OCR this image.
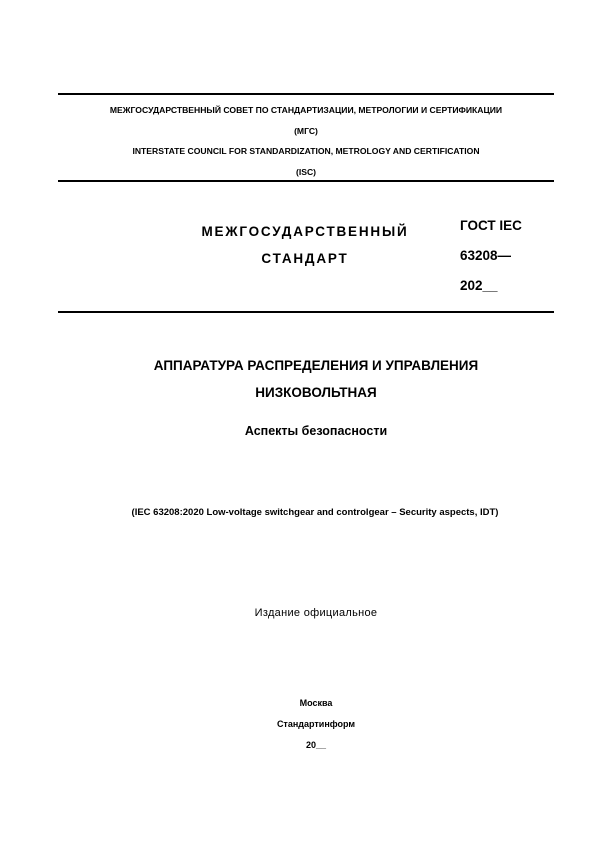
МЕЖГОСУДАРСТВЕННЫЙ СОВЕТ ПО СТАНДАРТИЗАЦИИ, МЕТРОЛОГИИ И СЕРТИФИКАЦИИ
(МГС)
INTERSTATE COUNCIL FOR STANDARDIZATION, METROLOGY AND CERTIFICATION
(ISC)
МЕЖГОСУДАРСТВЕННЫЙ
СТАНДАРТ
ГОСТ IEC
63208—
202__
АППАРАТУРА РАСПРЕДЕЛЕНИЯ И УПРАВЛЕНИЯ
НИЗКОВОЛЬТНАЯ
Аспекты безопасности
(IEC 63208:2020 Low-voltage switchgear and controlgear – Security aspects, IDT)
Издание официальное
Москва
Стандартинформ
20__
